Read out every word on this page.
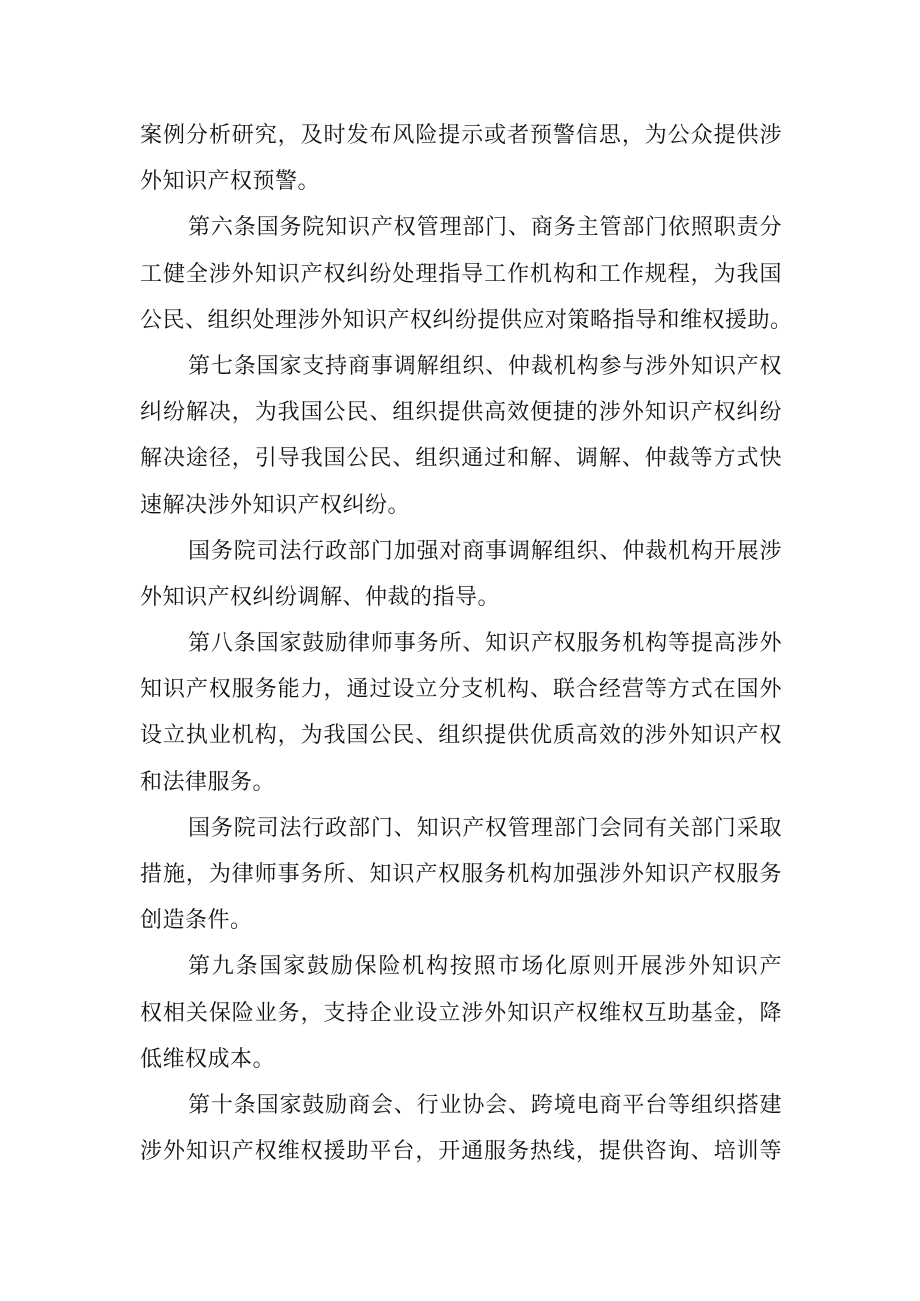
案例分析研究，及时发布风险提示或者预警信思，为公众提供涉
外知识产权预警。
第六条国务院知识产权管理部门、商务主管部门依照职责分
工健全涉外知识产权纠纷处理指导工作机构和工作规程，为我国
公民、组织处理涉外知识产权纠纷提供应对策略指导和维权援助。
第七条国家支持商事调解组织、仲裁机构参与涉外知识产权
纠纷解决，为我国公民、组织提供高效便捷的涉外知识产权纠纷
解决途径，引导我国公民、组织通过和解、调解、仲裁等方式快
速解决涉外知识产权纠纷。
国务院司法行政部门加强对商事调解组织、仲裁机构开展涉
外知识产权纠纷调解、仲裁的指导。
第八条国家鼓励律师事务所、知识产权服务机构等提高涉外
知识产权服务能力，通过设立分支机构、联合经营等方式在国外
设立执业机构，为我国公民、组织提供优质高效的涉外知识产权
和法律服务。
国务院司法行政部门、知识产权管理部门会同有关部门采取
措施，为律师事务所、知识产权服务机构加强涉外知识产权服务
创造条件。
第九条国家鼓励保险机构按照市场化原则开展涉外知识产
权相关保险业务，支持企业设立涉外知识产权维权互助基金，降
低维权成本。
第十条国家鼓励商会、行业协会、跨境电商平台等组织搭建
涉外知识产权维权援助平台，开通服务热线，提供咨询、培训等
